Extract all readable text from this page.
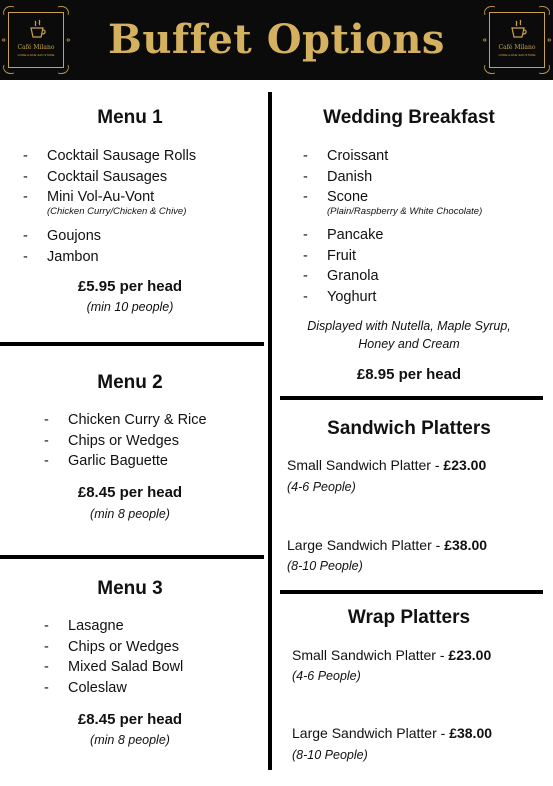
Café Milano
CODE-A-DUE SAN STORE	Buffet Options	Café Milano
CODE-A-DUE SAN STORE
Menu 1
- Cocktail Sausage Rolls
- Cocktail Sausages
- Mini Vol-Au-Vont
(Chicken Curry/Chicken & Chive)
- Goujons
- Jambon
£5.95 per head
(min 10 people)
Menu 2
- Chicken Curry & Rice
- Chips or Wedges
- Garlic Baguette
£8.45 per head
(min 8 people)
Menu 3
- Lasagne
- Chips or Wedges
- Mixed Salad Bowl
- Coleslaw
£8.45 per head
(min 8 people)
Wedding Breakfast
- Croissant
- Danish
- Scone
(Plain/Raspberry & White Chocolate)
- Pancake
- Fruit
- Granola
- Yoghurt
Displayed with Nutella, Maple Syrup,
Honey and Cream
£8.95 per head
Sandwich Platters
Small Sandwich Platter - £23.00
(4-6 People)
Large Sandwich Platter - £38.00
(8-10 People)
Wrap Platters
Small Sandwich Platter - £23.00
(4-6 People)
Large Sandwich Platter - £38.00
(8-10 People)
